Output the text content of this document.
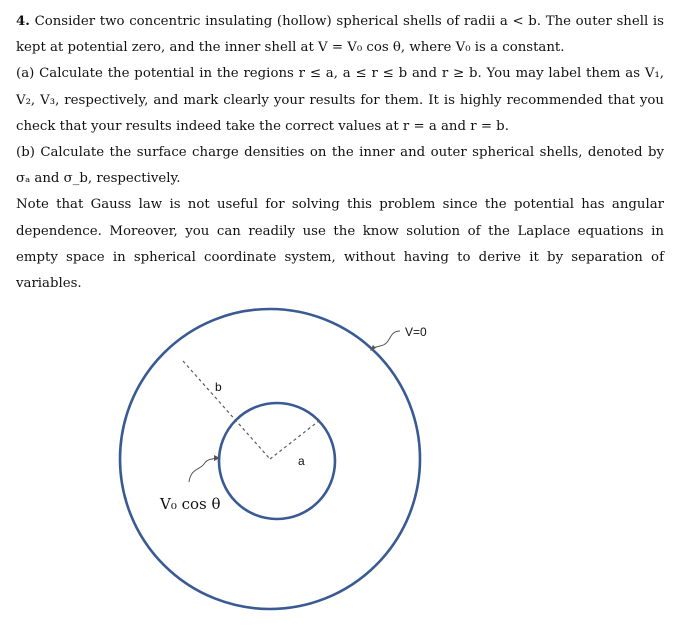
4. Consider two concentric insulating (hollow) spherical shells of radii a < b. The outer shell is kept at potential zero, and the inner shell at V = V₀ cos θ, where V₀ is a constant.

(a) Calculate the potential in the regions r ≤ a, a ≤ r ≤ b and r ≥ b. You may label them as V₁, V₂, V₃, respectively, and mark clearly your results for them. It is highly recommended that you check that your results indeed take the correct values at r = a and r = b.

(b) Calculate the surface charge densities on the inner and outer spherical shells, denoted by σₐ and σ_b, respectively.

Note that Gauss law is not useful for solving this problem since the potential has angular dependence. Moreover, you can readily use the know solution of the Laplace equations in empty space in spherical coordinate system, without having to derive it by separation of variables.

V=0
b
a
V₀ cos θ
